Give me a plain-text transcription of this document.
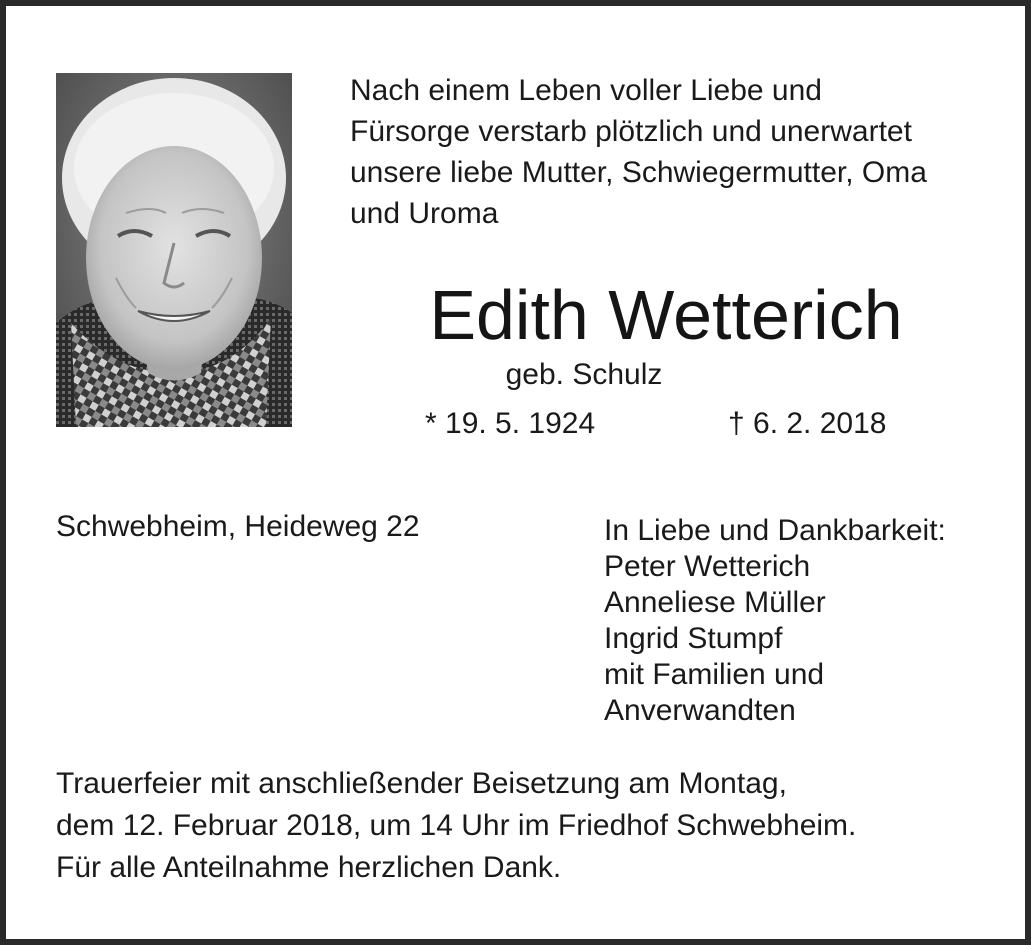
Nach einem Leben voller Liebe und
Fürsorge verstarb plötzlich und unerwartet
unsere liebe Mutter, Schwiegermutter, Oma
und Uroma
Edith Wetterich
geb. Schulz
* 19. 5. 1924	† 6. 2. 2018
Schwebheim, Heideweg 22	In Liebe und Dankbarkeit:
Peter Wetterich
Anneliese Müller
Ingrid Stumpf
mit Familien und
Anverwandten
Trauerfeier mit anschließender Beisetzung am Montag,
dem 12. Februar 2018, um 14 Uhr im Friedhof Schwebheim.
Für alle Anteilnahme herzlichen Dank.
